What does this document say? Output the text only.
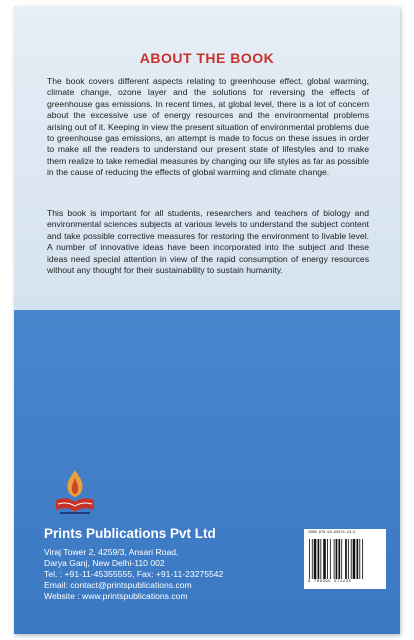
ABOUT THE BOOK

The book covers different aspects relating to greenhouse effect, global warming, climate change, ozone layer and the solutions for reversing the effects of greenhouse gas emissions. In recent times, at global level, there is a lot of concern about the excessive use of energy resources and the environmental problems arising out of it. Keeping in view the present situation of environmental problems due to greenhouse gas emissions, an attempt is made to focus on these issues in order to make all the readers to understand our present state of lifestyles and to make them realize to take remedial measures by changing our life styles as far as possible in the cause of reducing the effects of global warming and climate change.

This book is important for all students, researchers and teachers of biology and environmental sciences subjects at various levels to understand the subject content and take possible corrective measures for restoring the environment to livable level. A number of innovative ideas have been incorporated into the subject and these ideas need special attention in view of the rapid consumption of energy resources without any thought for their sustainability to sustain humanity.

Prints Publications Pvt Ltd
Viraj Tower 2, 4259/3, Ansari Road,
Darya Ganj, New Delhi-110 002
Tel. : +91-11-45355555, Fax: +91-11-23275542
Email: contact@printspublications.com
Website : www.printspublications.com
ISBN 978-93-95674-24-5
9 789395 674245
